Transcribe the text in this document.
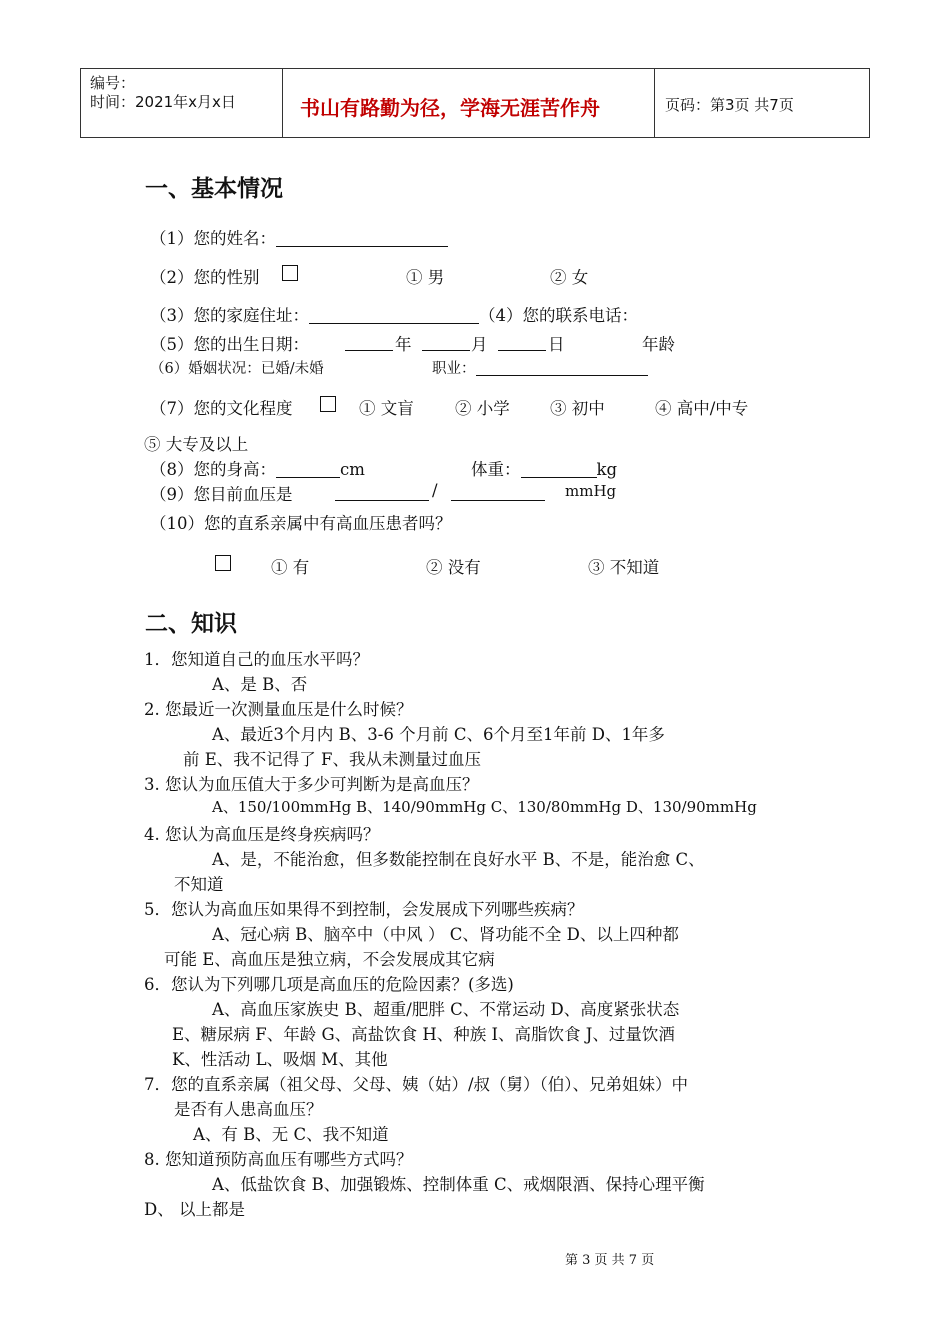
编号：
时间：2021年x月x日	书山有路勤为径，学海无涯苦作舟	页码：第3页 共7页
一、基本情况
（1）您的姓名：
（2）您的性别	① 男	② 女
（3）您的家庭住址：	（4）您的联系电话：
（5）您的出生日期：	年	月	日	年龄
（6）婚姻状况：已婚/未婚	职业：
（7）您的文化程度	① 文盲	② 小学 ③ 初中	④ 高中/中专
⑤ 大专及以上
（8）您的身高：	cm	体重：	kg
（9）您目前血压是	/	mmHg
（10）您的直系亲属中有高血压患者吗？
① 有	② 没有	③ 不知道
二、知识
1．您知道自己的血压水平吗？
A、是 B、否
2. 您最近一次测量血压是什么时候？
A、最近3个月内 B、3-6 个月前 C、6个月至1年前 D、1年多
前 E、我不记得了 F、我从未测量过血压
3. 您认为血压值大于多少可判断为是高血压？
A、150/100mmHg B、140/90mmHg C、130/80mmHg D、130/90mmHg
4. 您认为高血压是终身疾病吗？
A、是，不能治愈，但多数能控制在良好水平 B、不是，能治愈 C、
不知道
5．您认为高血压如果得不到控制，会发展成下列哪些疾病？
A、冠心病 B、脑卒中（中风 ） C、肾功能不全 D、以上四种都
可能 E、高血压是独立病，不会发展成其它病
6．您认为下列哪几项是高血压的危险因素？(多选)
A、高血压家族史 B、超重/肥胖 C、不常运动 D、高度紧张状态
E、糖尿病 F、年龄 G、高盐饮食 H、种族 I、高脂饮食 J、过量饮酒
K、性活动 L、吸烟 M、其他
7．您的直系亲属（祖父母、父母、姨（姑）/叔（舅）（伯）、兄弟姐妹）中
是否有人患高血压？
A、有 B、无 C、我不知道
8. 您知道预防高血压有哪些方式吗？
A、低盐饮食 B、加强锻炼、控制体重 C、戒烟限酒、保持心理平衡
D、 以上都是
第 3 页 共 7 页
